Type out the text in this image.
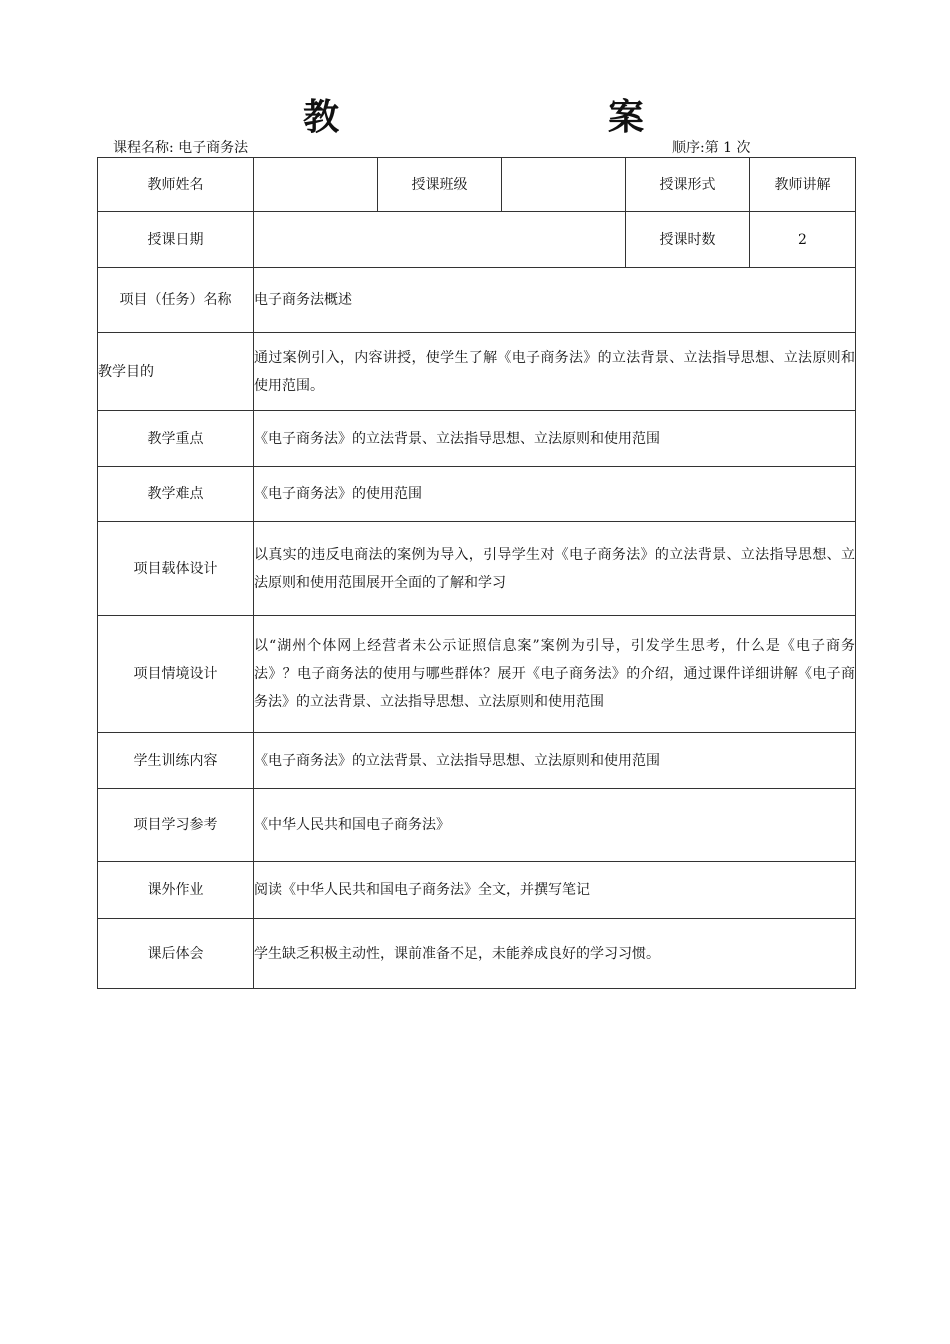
教	案
课程名称: 电子商务法	顺序:第 1 次
教师姓名		授课班级		授课形式	教师讲解
授课日期				授课时数	2
项目（任务）名称	电子商务法概述				
教学目的	通过案例引入，内容讲授，使学生了解《电子商务法》的立法背景、立法指导思想、立法原则和使用范围。				
教学重点	《电子商务法》的立法背景、立法指导思想、立法原则和使用范围				
教学难点	《电子商务法》的使用范围				
项目载体设计	以真实的违反电商法的案例为导入，引导学生对《电子商务法》的立法背景、立法指导思想、立法原则和使用范围展开全面的了解和学习				
项目情境设计	以“湖州个体网上经营者未公示证照信息案”案例为引导，引发学生思考，什么是《电子商务法》？电子商务法的使用与哪些群体？展开《电子商务法》的介绍，通过课件详细讲解《电子商务法》的立法背景、立法指导思想、立法原则和使用范围				
学生训练内容	《电子商务法》的立法背景、立法指导思想、立法原则和使用范围				
项目学习参考	《中华人民共和国电子商务法》				
课外作业	阅读《中华人民共和国电子商务法》全文，并撰写笔记				
课后体会	学生缺乏积极主动性，课前准备不足，未能养成良好的学习习惯。				
